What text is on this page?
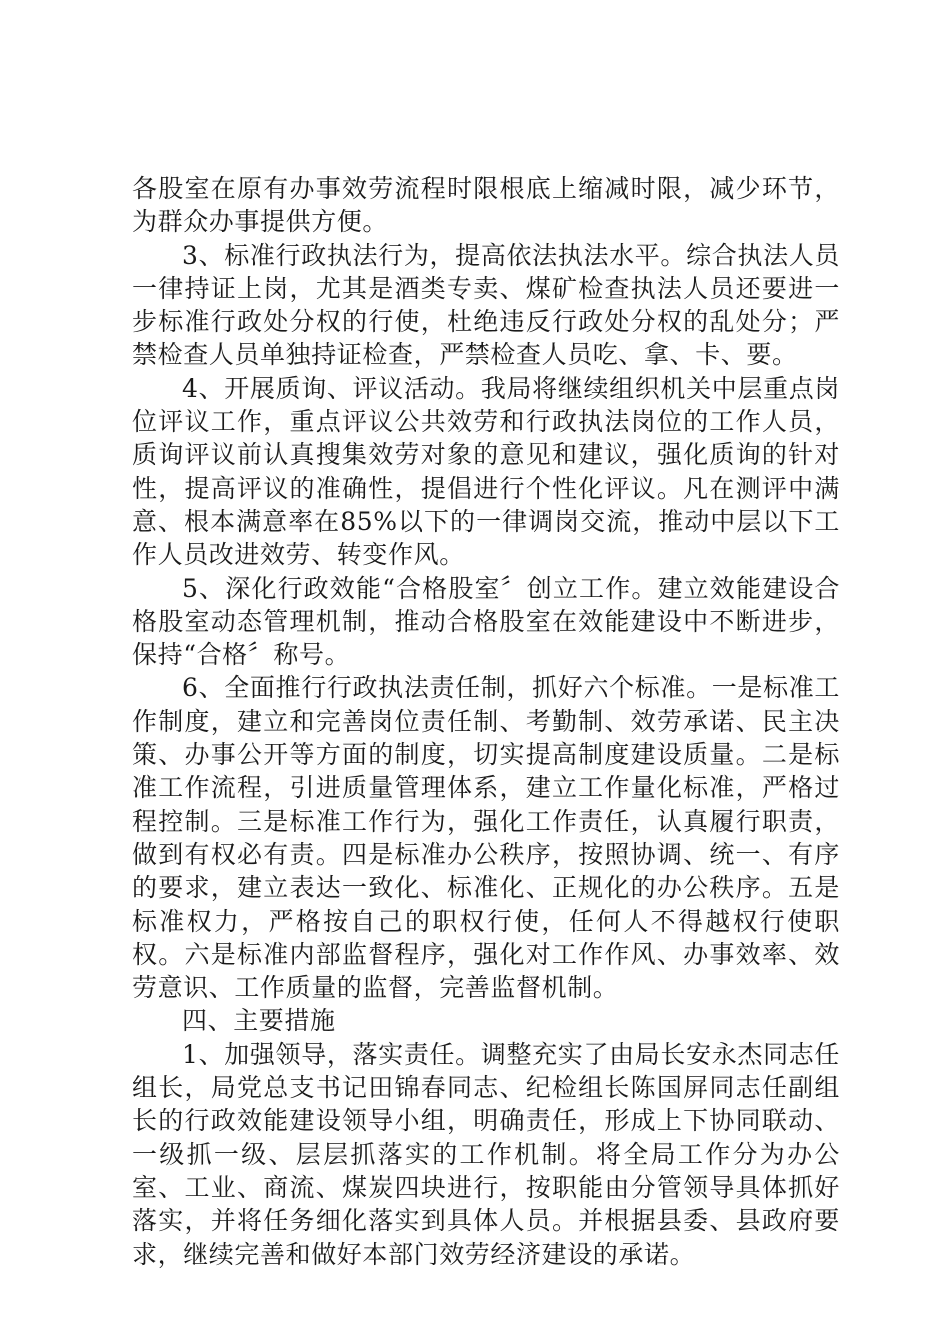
各股室在原有办事效劳流程时限根底上缩减时限，减少环节，为群众办事提供方便。

3、标准行政执法行为，提高依法执法水平。综合执法人员一律持证上岗，尤其是酒类专卖、煤矿检查执法人员还要进一步标准行政处分权的行使，杜绝违反行政处分权的乱处分；严禁检查人员单独持证检查，严禁检查人员吃、拿、卡、要。

4、开展质询、评议活动。我局将继续组织机关中层重点岗位评议工作，重点评议公共效劳和行政执法岗位的工作人员，质询评议前认真搜集效劳对象的意见和建议，强化质询的针对性，提高评议的准确性，提倡进行个性化评议。凡在测评中满意、根本满意率在85%以下的一律调岗交流，推动中层以下工作人员改进效劳、转变作风。

5、深化行政效能“合格股室〞创立工作。建立效能建设合格股室动态管理机制，推动合格股室在效能建设中不断进步，保持“合格〞称号。

6、全面推行行政执法责任制，抓好六个标准。一是标准工作制度，建立和完善岗位责任制、考勤制、效劳承诺、民主决策、办事公开等方面的制度，切实提高制度建设质量。二是标准工作流程，引进质量管理体系，建立工作量化标准，严格过程控制。三是标准工作行为，强化工作责任，认真履行职责，做到有权必有责。四是标准办公秩序，按照协调、统一、有序的要求，建立表达一致化、标准化、正规化的办公秩序。五是标准权力，严格按自己的职权行使，任何人不得越权行使职权。六是标准内部监督程序，强化对工作作风、办事效率、效劳意识、工作质量的监督，完善监督机制。

四、主要措施

1、加强领导，落实责任。调整充实了由局长安永杰同志任组长，局党总支书记田锦春同志、纪检组长陈国屏同志任副组长的行政效能建设领导小组，明确责任，形成上下协同联动、一级抓一级、层层抓落实的工作机制。将全局工作分为办公室、工业、商流、煤炭四块进行，按职能由分管领导具体抓好落实，并将任务细化落实到具体人员。并根据县委、县政府要求，继续完善和做好本部门效劳经济建设的承诺。
